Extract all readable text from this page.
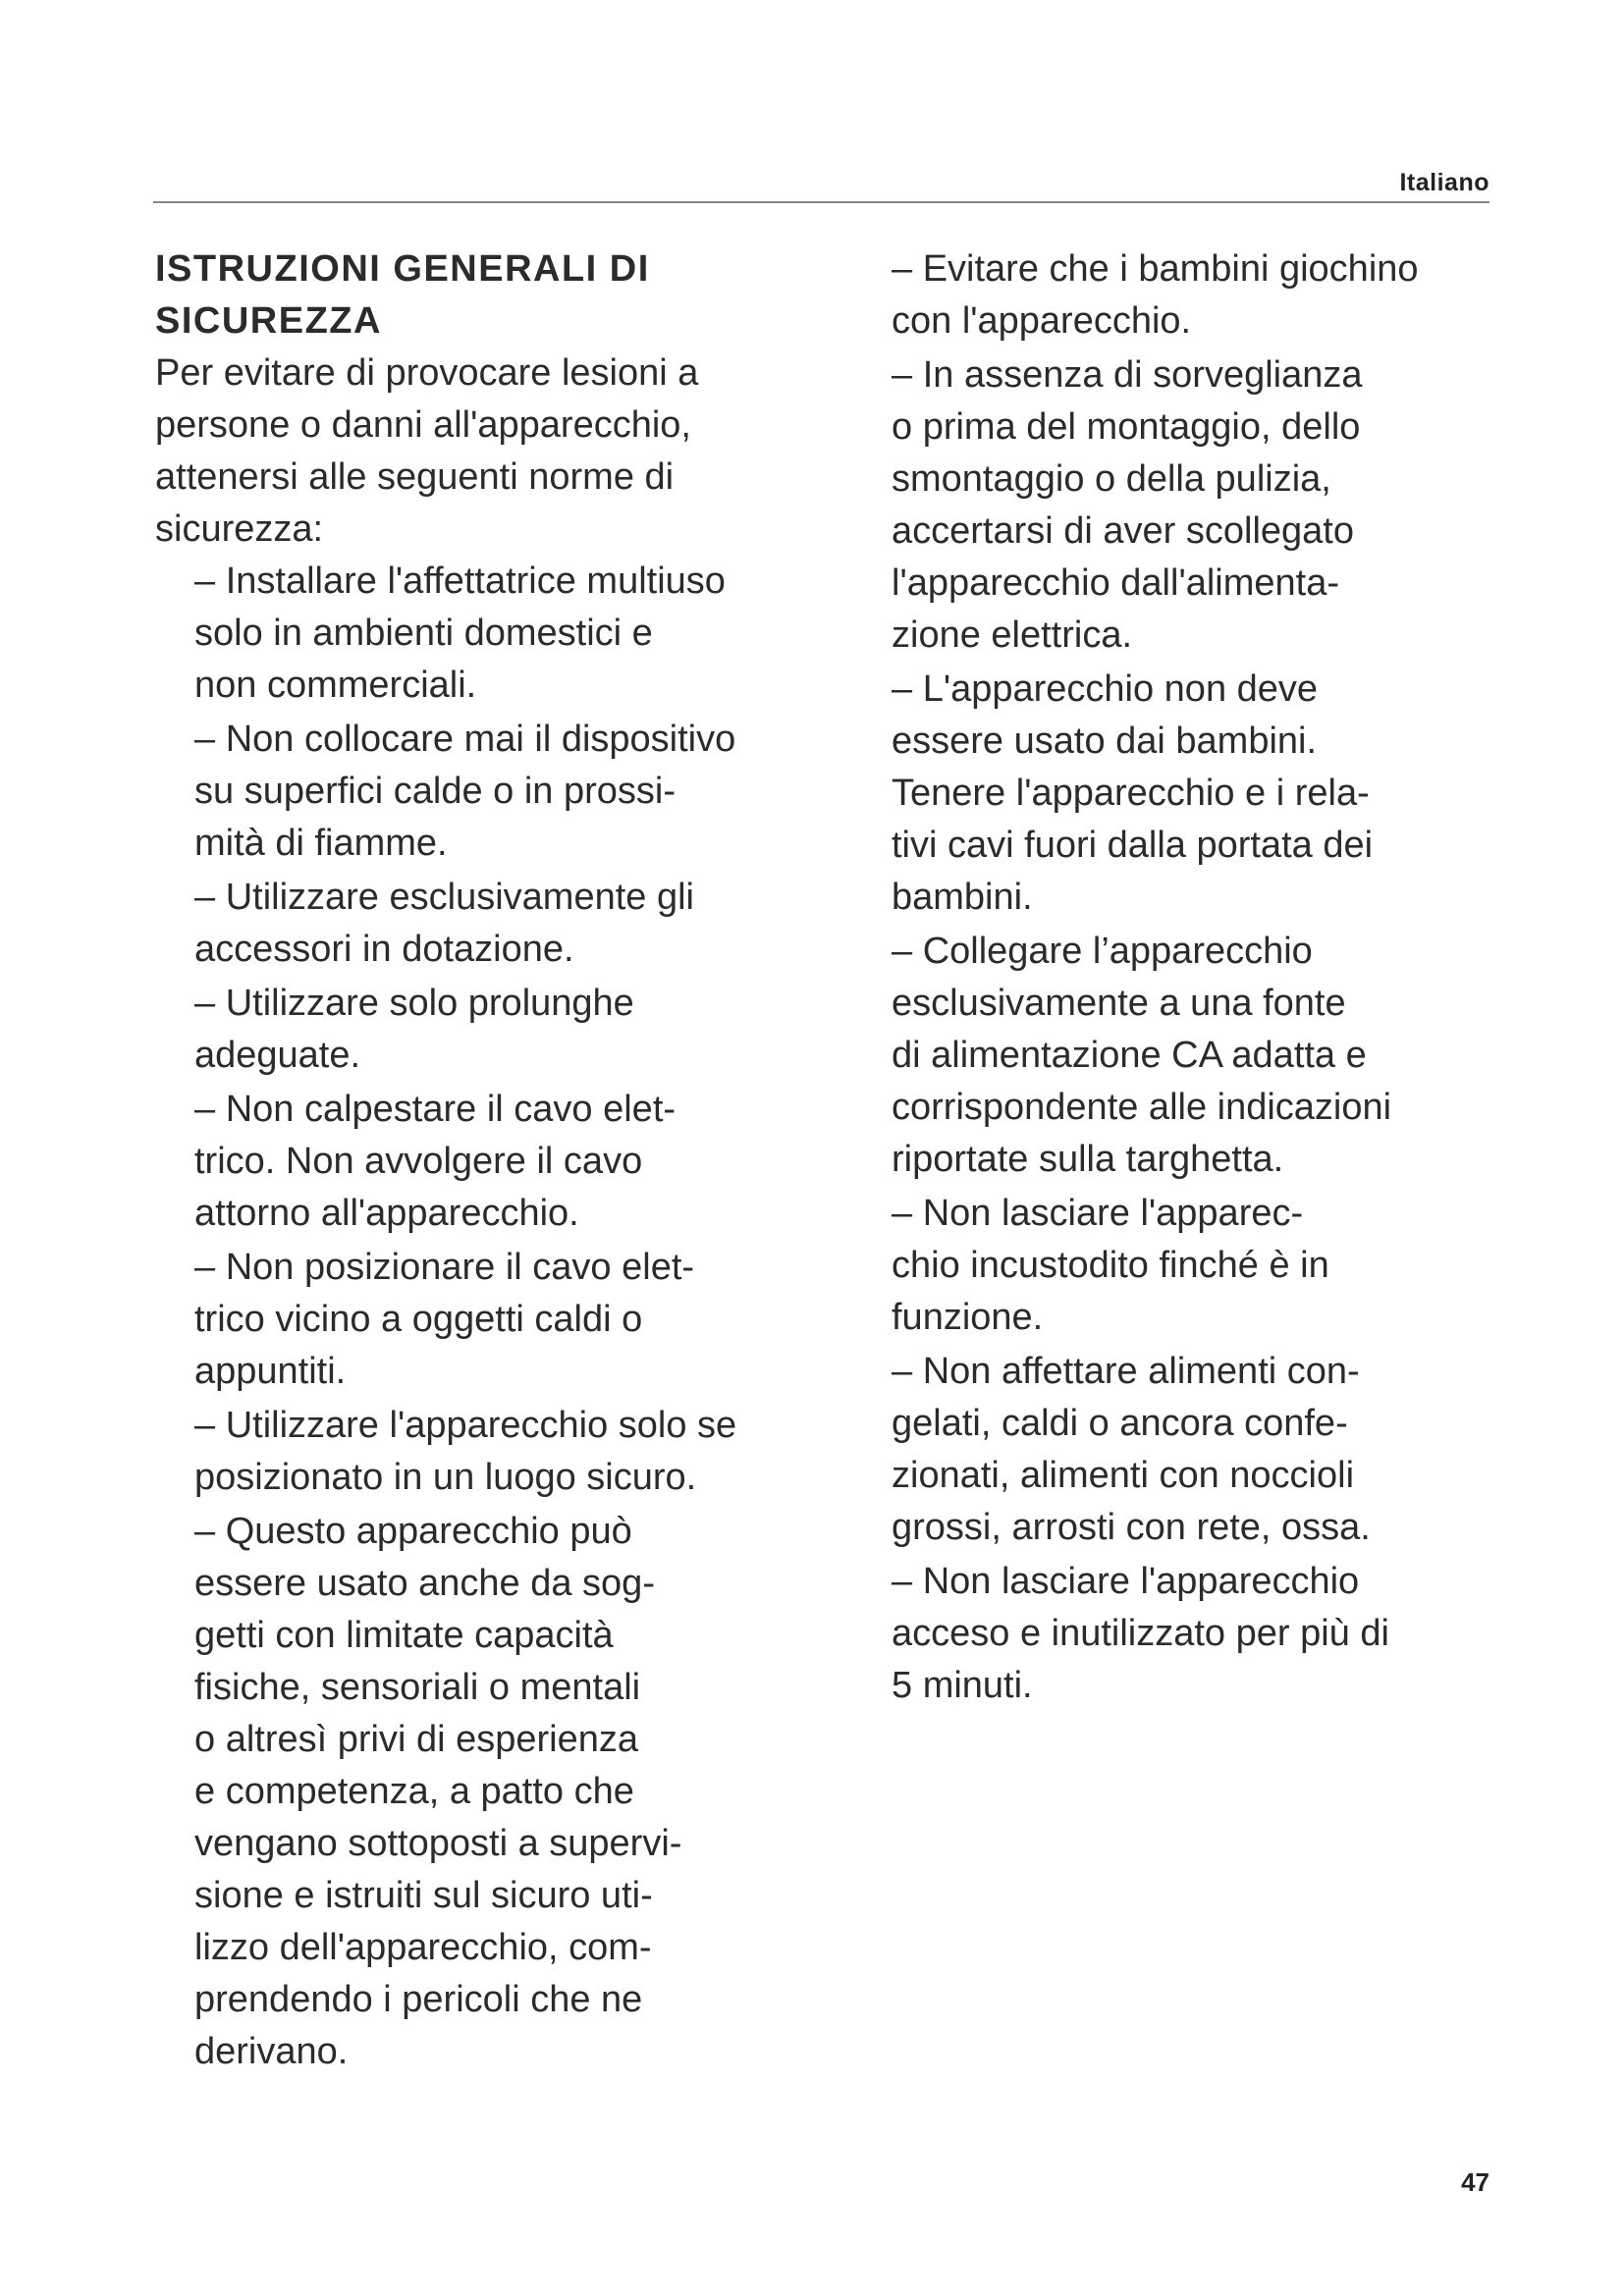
Italiano
ISTRUZIONI GENERALI DI
SICUREZZA
Per evitare di provocare lesioni a
persone o danni all'apparecchio,
attenersi alle seguenti norme di
sicurezza:
– Installare l'affettatrice multiuso
solo in ambienti domestici e
non commerciali.
– Non collocare mai il dispositivo
su superfici calde o in prossi-
mità di fiamme.
– Utilizzare esclusivamente gli
accessori in dotazione.
– Utilizzare solo prolunghe
adeguate.
– Non calpestare il cavo elet-
trico. Non avvolgere il cavo
attorno all'apparecchio.
– Non posizionare il cavo elet-
trico vicino a oggetti caldi o
appuntiti.
– Utilizzare l'apparecchio solo se
posizionato in un luogo sicuro.
– Questo apparecchio può
essere usato anche da sog-
getti con limitate capacità
fisiche, sensoriali o mentali
o altresì privi di esperienza
e competenza, a patto che
vengano sottoposti a supervi-
sione e istruiti sul sicuro uti-
lizzo dell'apparecchio, com-
prendendo i pericoli che ne
derivano.
– Evitare che i bambini giochino
con l'apparecchio.
– In assenza di sorveglianza
o prima del montaggio, dello
smontaggio o della pulizia,
accertarsi di aver scollegato
l'apparecchio dall'alimenta-
zione elettrica.
– L'apparecchio non deve
essere usato dai bambini.
Tenere l'apparecchio e i rela-
tivi cavi fuori dalla portata dei
bambini.
– Collegare l’apparecchio
esclusivamente a una fonte
di alimentazione CA adatta e
corrispondente alle indicazioni
riportate sulla targhetta.
– Non lasciare l'apparec-
chio incustodito finché è in
funzione.
– Non affettare alimenti con-
gelati, caldi o ancora confe-
zionati, alimenti con noccioli
grossi, arrosti con rete, ossa.
– Non lasciare l'apparecchio
acceso e inutilizzato per più di
5 minuti.
47
